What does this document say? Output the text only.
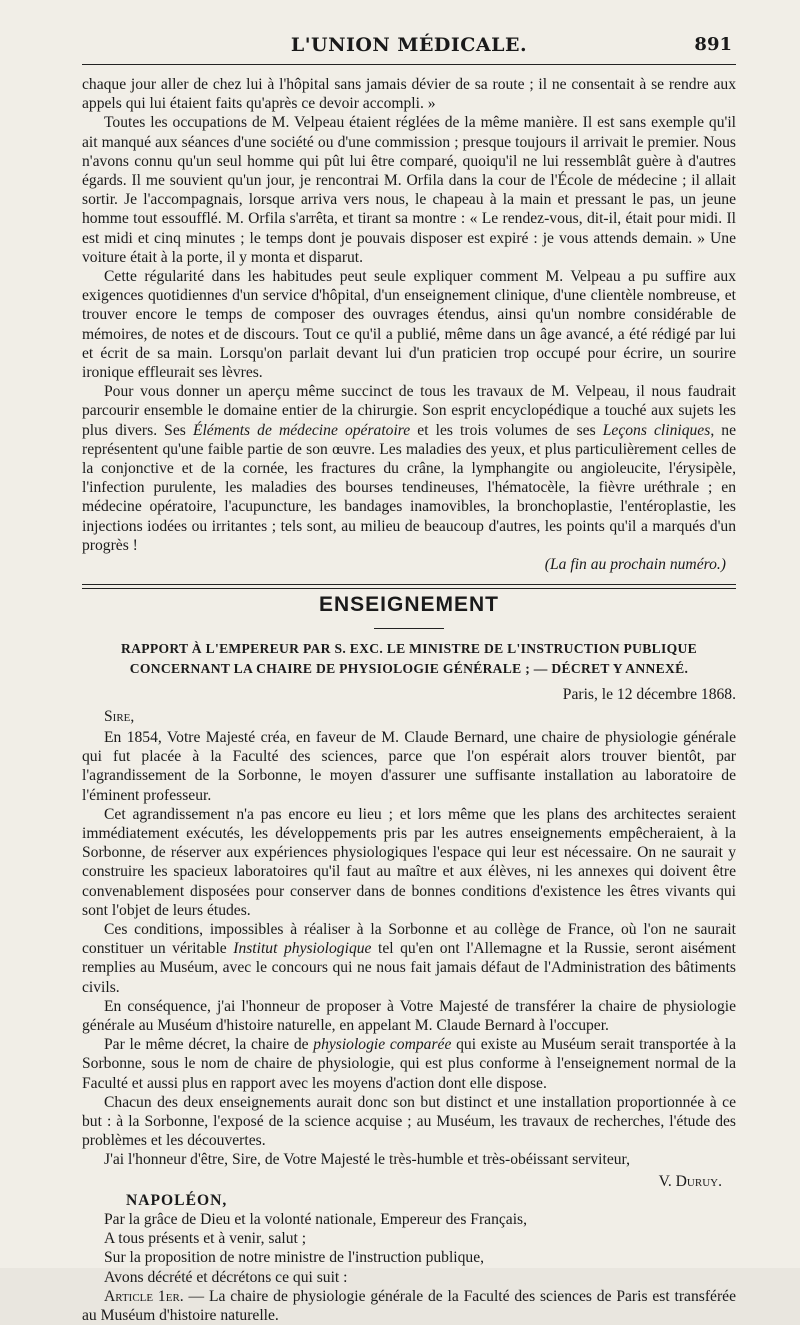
L'UNION MÉDICALE.	891

chaque jour aller de chez lui à l'hôpital sans jamais dévier de sa route ; il ne consentait à se rendre aux appels qui lui étaient faits qu'après ce devoir accompli. »

Toutes les occupations de M. Velpeau étaient réglées de la même manière. Il est sans exemple qu'il ait manqué aux séances d'une société ou d'une commission ; presque toujours il arrivait le premier. Nous n'avons connu qu'un seul homme qui pût lui être comparé, quoiqu'il ne lui ressemblât guère à d'autres égards. Il me souvient qu'un jour, je rencontrai M. Orfila dans la cour de l'École de médecine ; il allait sortir. Je l'accompagnais, lorsque arriva vers nous, le chapeau à la main et pressant le pas, un jeune homme tout essoufflé. M. Orfila s'arrêta, et tirant sa montre : « Le rendez-vous, dit-il, était pour midi. Il est midi et cinq minutes ; le temps dont je pouvais disposer est expiré : je vous attends demain. » Une voiture était à la porte, il y monta et disparut.

Cette régularité dans les habitudes peut seule expliquer comment M. Velpeau a pu suffire aux exigences quotidiennes d'un service d'hôpital, d'un enseignement clinique, d'une clientèle nombreuse, et trouver encore le temps de composer des ouvrages étendus, ainsi qu'un nombre considérable de mémoires, de notes et de discours. Tout ce qu'il a publié, même dans un âge avancé, a été rédigé par lui et écrit de sa main. Lorsqu'on parlait devant lui d'un praticien trop occupé pour écrire, un sourire ironique effleurait ses lèvres.

Pour vous donner un aperçu même succinct de tous les travaux de M. Velpeau, il nous faudrait parcourir ensemble le domaine entier de la chirurgie. Son esprit encyclopédique a touché aux sujets les plus divers. Ses Éléments de médecine opératoire et les trois volumes de ses Leçons cliniques, ne représentent qu'une faible partie de son œuvre. Les maladies des yeux, et plus particulièrement celles de la conjonctive et de la cornée, les fractures du crâne, la lymphangite ou angioleucite, l'érysipèle, l'infection purulente, les maladies des bourses tendineuses, l'hématocèle, la fièvre uréthrale ; en médecine opératoire, l'acupuncture, les bandages inamovibles, la bronchoplastie, l'entéroplastie, les injections iodées ou irritantes ; tels sont, au milieu de beaucoup d'autres, les points qu'il a marqués d'un progrès !

(La fin au prochain numéro.)
ENSEIGNEMENT
RAPPORT À L'EMPEREUR PAR S. EXC. LE MINISTRE DE L'INSTRUCTION PUBLIQUE
CONCERNANT LA CHAIRE DE PHYSIOLOGIE GÉNÉRALE ; — DÉCRET Y ANNEXÉ.
Paris, le 12 décembre 1868.
Sire,

En 1854, Votre Majesté créa, en faveur de M. Claude Bernard, une chaire de physiologie générale qui fut placée à la Faculté des sciences, parce que l'on espérait alors trouver bientôt, par l'agrandissement de la Sorbonne, le moyen d'assurer une suffisante installation au laboratoire de l'éminent professeur.

Cet agrandissement n'a pas encore eu lieu ; et lors même que les plans des architectes seraient immédiatement exécutés, les développements pris par les autres enseignements empêcheraient, à la Sorbonne, de réserver aux expériences physiologiques l'espace qui leur est nécessaire. On ne saurait y construire les spacieux laboratoires qu'il faut au maître et aux élèves, ni les annexes qui doivent être convenablement disposées pour conserver dans de bonnes conditions d'existence les êtres vivants qui sont l'objet de leurs études.

Ces conditions, impossibles à réaliser à la Sorbonne et au collège de France, où l'on ne saurait constituer un véritable Institut physiologique tel qu'en ont l'Allemagne et la Russie, seront aisément remplies au Muséum, avec le concours qui ne nous fait jamais défaut de l'Administration des bâtiments civils.

En conséquence, j'ai l'honneur de proposer à Votre Majesté de transférer la chaire de physiologie générale au Muséum d'histoire naturelle, en appelant M. Claude Bernard à l'occuper.

Par le même décret, la chaire de physiologie comparée qui existe au Muséum serait transportée à la Sorbonne, sous le nom de chaire de physiologie, qui est plus conforme à l'enseignement normal de la Faculté et aussi plus en rapport avec les moyens d'action dont elle dispose.

Chacun des deux enseignements aurait donc son but distinct et une installation proportionnée à ce but : à la Sorbonne, l'exposé de la science acquise ; au Muséum, les travaux de recherches, l'étude des problèmes et les découvertes.

J'ai l'honneur d'être, Sire, de Votre Majesté le très-humble et très-obéissant serviteur,

V. Duruy.

NAPOLÉON,

Par la grâce de Dieu et la volonté nationale, Empereur des Français,

A tous présents et à venir, salut ;

Sur la proposition de notre ministre de l'instruction publique,

Avons décrété et décrétons ce qui suit :

Article 1er. — La chaire de physiologie générale de la Faculté des sciences de Paris est transférée au Muséum d'histoire naturelle.
